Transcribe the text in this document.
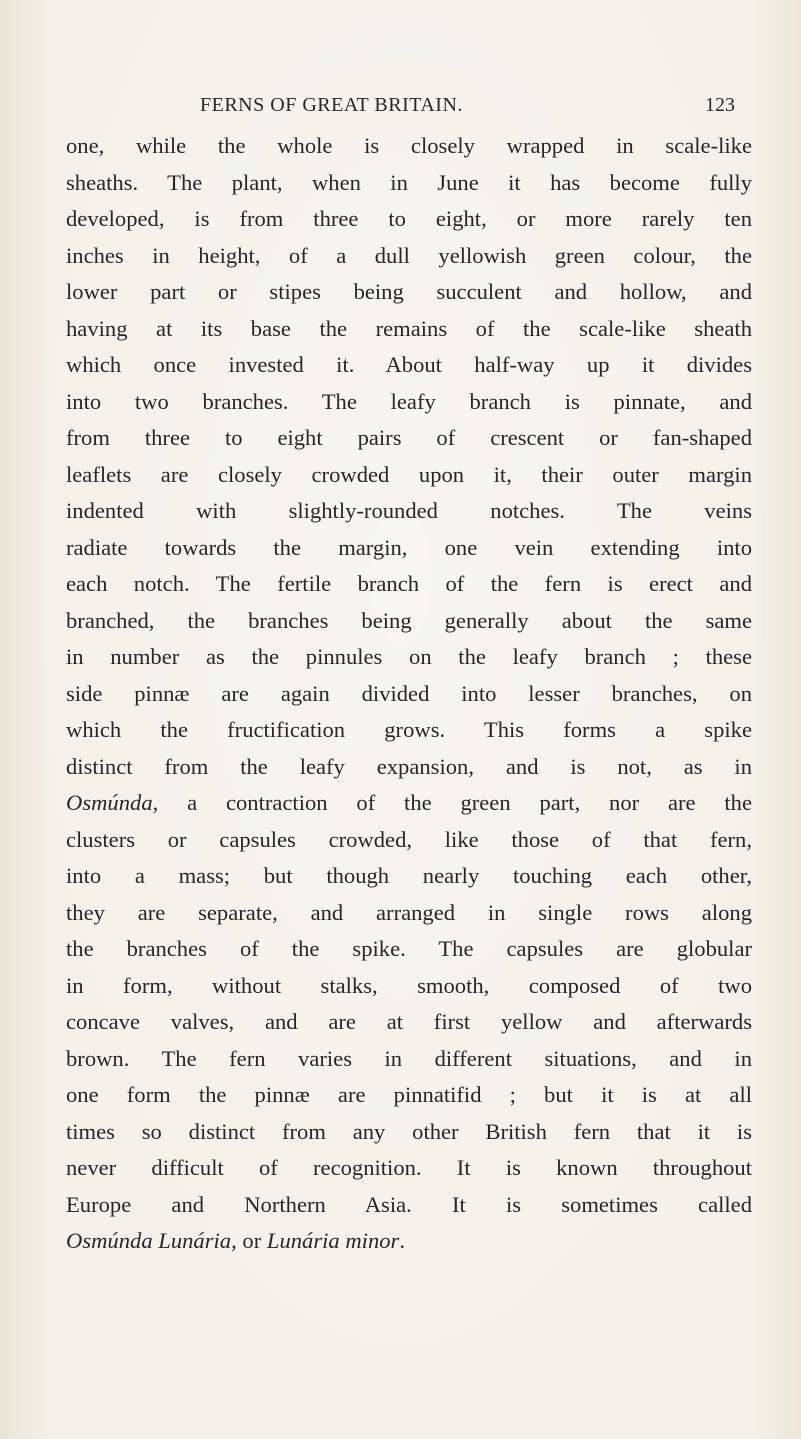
FERNS OF GREAT BRITAIN.	123
one, while the whole is closely wrapped in scale-like
sheaths. The plant, when in June it has become fully
developed, is from three to eight, or more rarely ten
inches in height, of a dull yellowish green colour, the
lower part or stipes being succulent and hollow, and
having at its base the remains of the scale-like sheath
which once invested it. About half-way up it divides
into two branches. The leafy branch is pinnate, and
from three to eight pairs of crescent or fan-shaped
leaflets are closely crowded upon it, their outer margin
indented with slightly-rounded notches. The veins
radiate towards the margin, one vein extending into
each notch. The fertile branch of the fern is erect and
branched, the branches being generally about the same
in number as the pinnules on the leafy branch ; these
side pinnæ are again divided into lesser branches, on
which the fructification grows. This forms a spike
distinct from the leafy expansion, and is not, as in
Osmúnda, a contraction of the green part, nor are the
clusters or capsules crowded, like those of that fern,
into a mass; but though nearly touching each other,
they are separate, and arranged in single rows along
the branches of the spike. The capsules are globular
in form, without stalks, smooth, composed of two
concave valves, and are at first yellow and afterwards
brown. The fern varies in different situations, and in
one form the pinnæ are pinnatifid ; but it is at all
times so distinct from any other British fern that it is
never difficult of recognition. It is known throughout
Europe and Northern Asia. It is sometimes called
Osmúnda Lunária, or Lunária minor.
